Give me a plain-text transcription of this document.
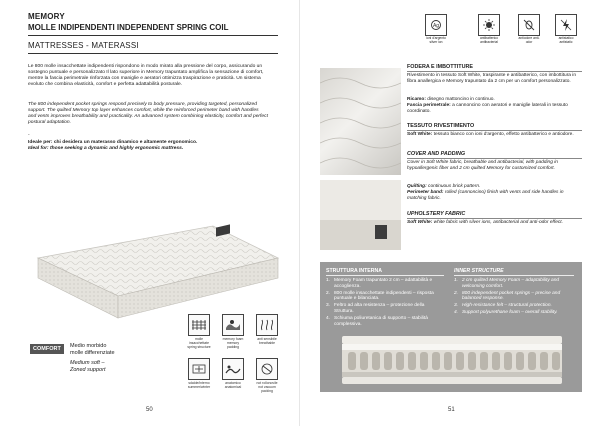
MEMORY
MOLLE INDIPENDENTI INDEPENDENT SPRING COIL
MATTRESSES - MATERASSI

Le 800 molle insacchettate indipendenti rispondono in modo mirato alla pressione del corpo, assicurando un sostegno puntuale e personalizzato Il lato superiore in Memory trapuntato amplifica la sensazione di comfort, mentre la fascia perimetrale rinforzata con maniglie e aeratori ottimizza traspirazione e praticità. Un sistema evoluto che combina elasticità, comfort e perfetta adattabilità posturale.

The 800 independent pocket springs respond precisely to body pressure, providing targeted, personalized support. The quilted Memory top layer enhances comfort, while the reinforced perimeter band with handles and vents improves breathability and practicality. An advanced system combining elasticity, comfort and perfect postural adaptation.

-

Ideale per: chi desidera un materasso dinamico e altamente ergonomico.

Ideal for: those seeking a dynamic and highly ergonomic mattress.

COMFORT	Medio morbido
molle differenziate
Medium soft –
Zoned support
molle insacchettate spring structure
memory foam memory padding
anti sensibile breathable
sdalde/interno summer/winter
anatomico anatomical
not rollonovile not vacuum packing
50	51
Ag
ioni d'argento silver ion
antibatterico antibacterial
antiodore anti-odor
antistatico antistatic
FODERA E IMBOTTITURE

Rivestimento in tessuto Soft White, traspirante e antibatterico, con imbottitura in fibra anallergica e Memory trapuntato da 2 cm per un comfort personalizzato.

Ricamo: disegno mattoncino in continuo.

Fascia perimetrale: a cannoncino con aeratori e maniglie laterali in tessuto coordinato.

TESSUTO RIVESTIMENTO

Soft White: tessuto bianco con ioni d'argento, effetto antibatterico e antiodore.

COVER AND PADDING

Cover in Soft White fabric, breathable and antibacterial, with padding in hypoallergenic fiber and 2 cm quilted Memory for customized comfort.

Quilting: continuous brick pattern.

Perimeter band: rolled (cannoncino) finish with vents and side handles in matching fabric.

UPHOLSTERY FABRIC

Soft White: white fabric with silver ions, antibacterial and anti-odor effect.

STRUTTURA INTERNA
1. Memory Foam trapuntato 2 cm – adattabilità e accoglienza.
2. 800 molle insacchettate indipendenti – risposta puntuale e bilanciata.
3. Feltro ad alta resistenza – protezione della Struttura.
4. Schiuma poliuretanica di supporto – stabilità complessiva.
INNER STRUCTURE
1. 2 cm quilted Memory Foam – adaptability and welcoming comfort.
2. 800 independent pocket springs – precise and balanced response.
3. High-resistance felt – structural protection.
4. Support polyurethane foam – overall stability.
